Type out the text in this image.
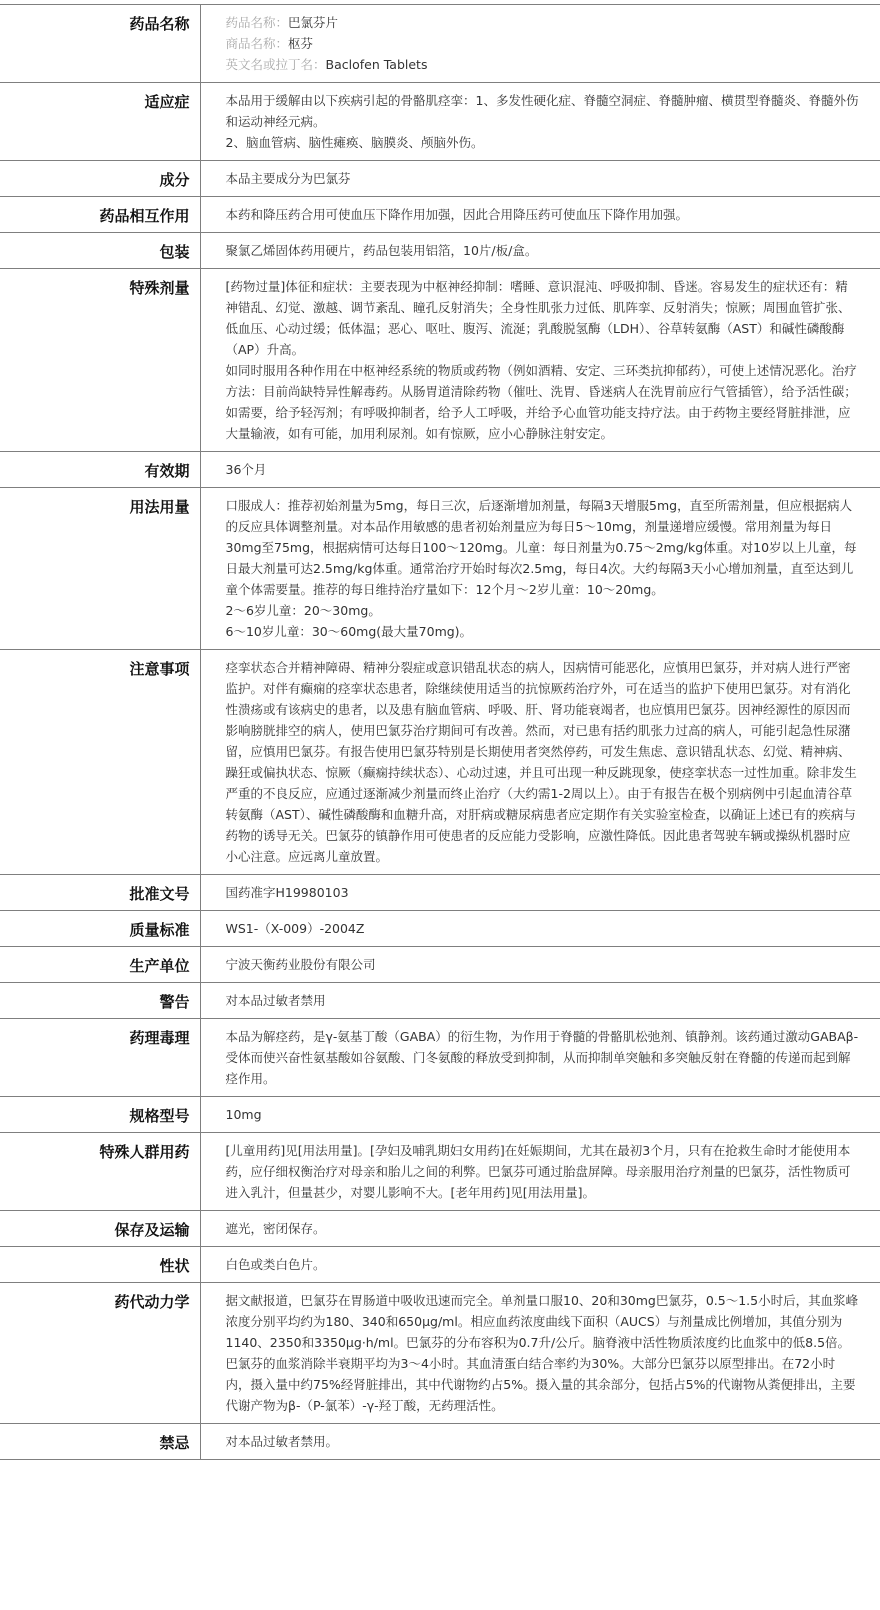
药品名称	药品名称：巴氯芬片
商品名称：枢芬
英文名或拉丁名：Baclofen Tablets

适应症	本品用于缓解由以下疾病引起的骨骼肌痉挛：1、多发性硬化症、脊髓空洞症、脊髓肿瘤、横贯型脊髓炎、脊髓外伤和运动神经元病。
2、脑血管病、脑性瘫痪、脑膜炎、颅脑外伤。

成分	本品主要成分为巴氯芬

药品相互作用	本药和降压药合用可使血压下降作用加强，因此合用降压药可使血压下降作用加强。

包装	聚氯乙烯固体药用硬片，药品包装用铝箔，10片/板/盒。

特殊剂量	[药物过量]体征和症状：主要表现为中枢神经抑制：嗜睡、意识混沌、呼吸抑制、昏迷。容易发生的症状还有：精神错乱、幻觉、激越、调节紊乱、瞳孔反射消失；全身性肌张力过低、肌阵挛、反射消失；惊厥；周围血管扩张、低血压、心动过缓；低体温；恶心、呕吐、腹泻、流涎；乳酸脱氢酶（LDH）、谷草转氨酶（AST）和碱性磷酸酶（AP）升高。
如同时服用各种作用在中枢神经系统的物质或药物（例如酒精、安定、三环类抗抑郁药），可使上述情况恶化。治疗方法：目前尚缺特异性解毒药。从肠胃道清除药物（催吐、洗胃、昏迷病人在洗胃前应行气管插管），给予活性碳；如需要，给予轻泻剂；有呼吸抑制者，给予人工呼吸，并给予心血管功能支持疗法。由于药物主要经肾脏排泄，应大量输液，如有可能，加用利尿剂。如有惊厥，应小心静脉注射安定。

有效期	36个月

用法用量	口服成人：推荐初始剂量为5mg，每日三次，后逐渐增加剂量，每隔3天增服5mg，直至所需剂量，但应根据病人的反应具体调整剂量。对本品作用敏感的患者初始剂量应为每日5～10mg，剂量递增应缓慢。常用剂量为每日30mg至75mg，根据病情可达每日100～120mg。儿童：每日剂量为0.75～2mg/kg体重。对10岁以上儿童，每日最大剂量可达2.5mg/kg体重。通常治疗开始时每次2.5mg，每日4次。大约每隔3天小心增加剂量，直至达到儿童个体需要量。推荐的每日维持治疗量如下：12个月～2岁儿童：10～20mg。
2～6岁儿童：20～30mg。
6～10岁儿童：30～60mg(最大量70mg)。

注意事项	痉挛状态合并精神障碍、精神分裂症或意识错乱状态的病人，因病情可能恶化，应慎用巴氯芬，并对病人进行严密监护。对伴有癫痫的痉挛状态患者，除继续使用适当的抗惊厥药治疗外，可在适当的监护下使用巴氯芬。对有消化性溃疡或有该病史的患者，以及患有脑血管病、呼吸、肝、肾功能衰竭者，也应慎用巴氯芬。因神经源性的原因而影响膀胱排空的病人，使用巴氯芬治疗期间可有改善。然而，对已患有括约肌张力过高的病人，可能引起急性尿潴留，应慎用巴氯芬。有报告使用巴氯芬特别是长期使用者突然停药，可发生焦虑、意识错乱状态、幻觉、精神病、躁狂或偏执状态、惊厥（癫痫持续状态）、心动过速，并且可出现一种反跳现象，使痉挛状态一过性加重。除非发生严重的不良反应，应通过逐渐减少剂量而终止治疗（大约需1-2周以上）。由于有报告在极个别病例中引起血清谷草转氨酶（AST）、碱性磷酸酶和血糖升高，对肝病或糖尿病患者应定期作有关实验室检查，以确证上述已有的疾病与药物的诱导无关。巴氯芬的镇静作用可使患者的反应能力受影响，应激性降低。因此患者驾驶车辆或操纵机器时应小心注意。应远离儿童放置。

批准文号	国药准字H19980103

质量标准	WS1-（X-009）-2004Z

生产单位	宁波天衡药业股份有限公司

警告	对本品过敏者禁用

药理毒理	本品为解痉药，是γ-氨基丁酸（GABA）的衍生物，为作用于脊髓的骨骼肌松弛剂、镇静剂。该药通过激动GABAβ-受体而使兴奋性氨基酸如谷氨酸、门冬氨酸的释放受到抑制，从而抑制单突触和多突触反射在脊髓的传递而起到解痉作用。

规格型号	10mg

特殊人群用药	[儿童用药]见[用法用量]。[孕妇及哺乳期妇女用药]在妊娠期间，尤其在最初3个月，只有在抢救生命时才能使用本药，应仔细权衡治疗对母亲和胎儿之间的利弊。巴氯芬可通过胎盘屏障。母亲服用治疗剂量的巴氯芬，活性物质可进入乳汁，但量甚少，对婴儿影响不大。[老年用药]见[用法用量]。

保存及运输	遮光，密闭保存。

性状	白色或类白色片。

药代动力学	据文献报道，巴氯芬在胃肠道中吸收迅速而完全。单剂量口服10、20和30mg巴氯芬，0.5～1.5小时后，其血浆峰浓度分别平均约为180、340和650μg/ml。相应血药浓度曲线下面积（AUCS）与剂量成比例增加，其值分别为1140、2350和3350μg·h/ml。巴氯芬的分布容积为0.7升/公斤。脑脊液中活性物质浓度约比血浆中的低8.5倍。巴氯芬的血浆消除半衰期平均为3～4小时。其血清蛋白结合率约为30%。大部分巴氯芬以原型排出。在72小时内，摄入量中约75%经肾脏排出，其中代谢物约占5%。摄入量的其余部分，包括占5%的代谢物从粪便排出，主要代谢产物为β-（P-氯苯）-γ-羟丁酸，无药理活性。

禁忌	对本品过敏者禁用。
